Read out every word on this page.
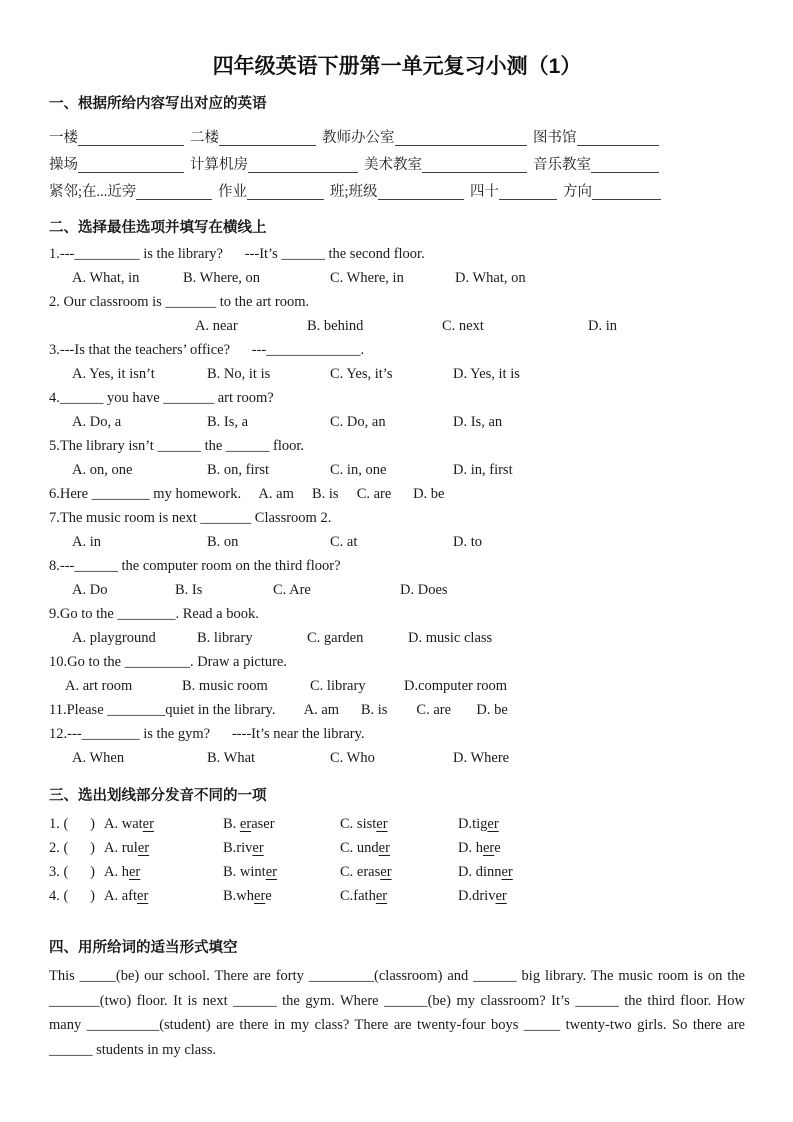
四年级英语下册第一单元复习小测（1）
一、根据所给内容写出对应的英语
一楼	二楼	教师办公室	图书馆
操场	计算机房	美术教室	音乐教室
紧邻;在...近旁	作业	班;班级	四十	方向
二、选择最佳选项并填写在横线上
1.---_________ is the library?      ---It’s ______ the second floor.
A. What, in	B. Where, on	C. Where, in	D. What, on
2. Our classroom is _______ to the art room.
A. near	B. behind	C. next	D. in
3.---Is that the teachers’ office?      ---_____________.
A. Yes, it isn’t	B. No, it is	C. Yes, it’s	D. Yes, it is
4.______ you have _______ art room?
A. Do, a	B. Is, a	C. Do, an	D. Is, an
5.The library isn’t ______ the ______ floor.
A. on, one	B. on, first	C. in, one	D. in, first
6.Here ________ my homework.     A. am     B. is     C. are      D. be
7.The music room is next _______ Classroom 2.
A. in	B. on	C. at	D. to
8.---______ the computer room on the third floor?
A. Do	B. Is	C. Are	D. Does
9.Go to the ________. Read a book.
A. playground	B. library	C. garden	D. music class
10.Go to the _________. Draw a picture.
A. art room	B. music room	C. library	D.computer room
11.Please ________quiet in the library.        A. am      B. is        C. are       D. be
12.---________ is the gym?      ----It’s near the library.
A. When	B. What	C. Who	D. Where
三、选出划线部分发音不同的一项
1. (      ) A. water	B. eraser	C. sister	D.tiger
2. (      ) A. ruler	B.river	C. under	D. here
3. (      ) A. her	B. winter	C. eraser	D. dinner
4. (      ) A. after	B.where	C.father	D.driver
四、用所给词的适当形式填空

This _____(be) our school. There are forty _________(classroom) and ______ big library. The music room is on the _______(two) floor. It is next ______ the gym. Where ______(be) my classroom? It’s ______ the third floor. How many __________(student) are there in my class? There are twenty-four boys _____ twenty-two girls. So there are ______ students in my class.
